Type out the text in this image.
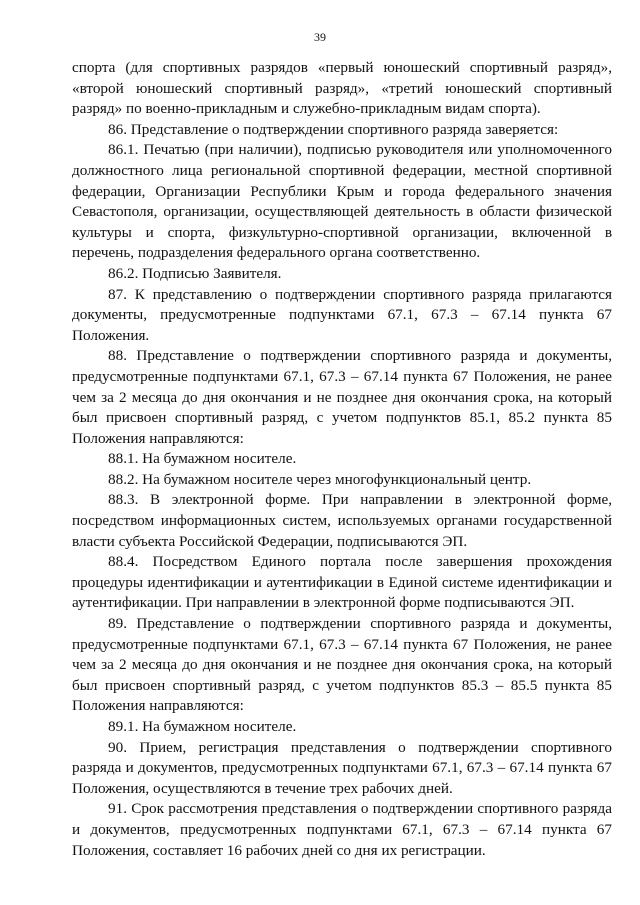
39

спорта (для спортивных разрядов «первый юношеский спортивный разряд», «второй юношеский спортивный разряд», «третий юношеский спортивный разряд» по военно-прикладным и служебно-прикладным видам спорта).

86. Представление о подтверждении спортивного разряда заверяется:

86.1. Печатью (при наличии), подписью руководителя или уполномоченного должностного лица региональной спортивной федерации, местной спортивной федерации, Организации Республики Крым и города федерального значения Севастополя, организации, осуществляющей деятельность в области физической культуры и спорта, физкультурно-спортивной организации, включенной в перечень, подразделения федерального органа соответственно.

86.2. Подписью Заявителя.

87. К представлению о подтверждении спортивного разряда прилагаются документы, предусмотренные подпунктами 67.1, 67.3 – 67.14 пункта 67 Положения.

88. Представление о подтверждении спортивного разряда и документы, предусмотренные подпунктами 67.1, 67.3 – 67.14 пункта 67 Положения, не ранее чем за 2 месяца до дня окончания и не позднее дня окончания срока, на который был присвоен спортивный разряд, с учетом подпунктов 85.1, 85.2 пункта 85 Положения направляются:

88.1. На бумажном носителе.

88.2. На бумажном носителе через многофункциональный центр.

88.3. В электронной форме. При направлении в электронной форме, посредством информационных систем, используемых органами государственной власти субъекта Российской Федерации, подписываются ЭП.

88.4. Посредством Единого портала после завершения прохождения процедуры идентификации и аутентификации в Единой системе идентификации и аутентификации. При направлении в электронной форме подписываются ЭП.

89. Представление о подтверждении спортивного разряда и документы, предусмотренные подпунктами 67.1, 67.3 – 67.14 пункта 67 Положения, не ранее чем за 2 месяца до дня окончания и не позднее дня окончания срока, на который был присвоен спортивный разряд, с учетом подпунктов 85.3 – 85.5 пункта 85 Положения направляются:

89.1. На бумажном носителе.

90. Прием, регистрация представления о подтверждении спортивного разряда и документов, предусмотренных подпунктами 67.1, 67.3 – 67.14 пункта 67 Положения, осуществляются в течение трех рабочих дней.

91. Срок рассмотрения представления о подтверждении спортивного разряда и документов, предусмотренных подпунктами 67.1, 67.3 – 67.14 пункта 67 Положения, составляет 16 рабочих дней со дня их регистрации.
